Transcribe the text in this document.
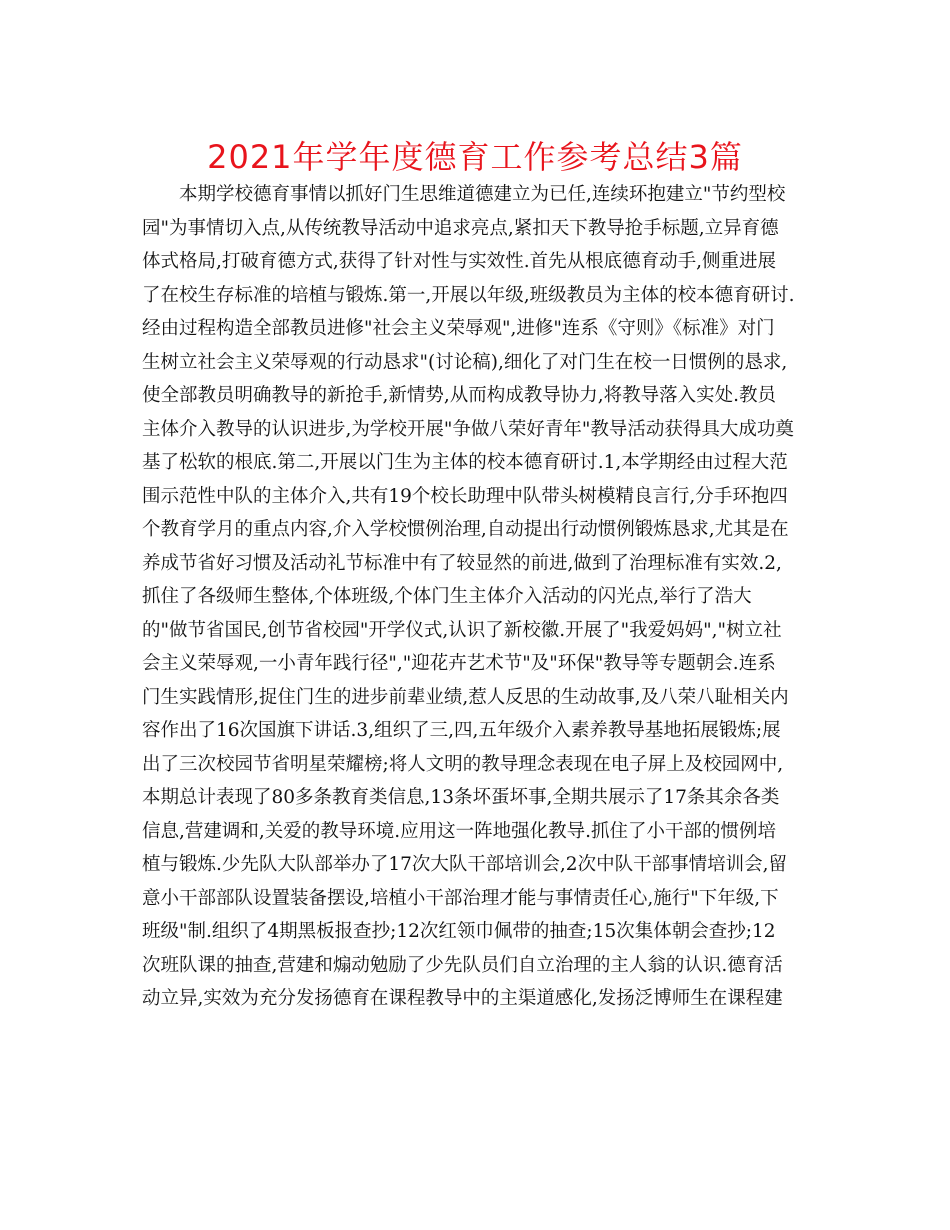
2021年学年度德育工作参考总结3篇
本期学校德育事情以抓好门生思维道德建立为已任,连续环抱建立"节约型校
园"为事情切入点,从传统教导活动中追求亮点,紧扣天下教导抢手标题,立异育德
体式格局,打破育德方式,获得了针对性与实效性.首先从根底德育动手,侧重进展
了在校生存标准的培植与锻炼.第一,开展以年级,班级教员为主体的校本德育研讨.
经由过程构造全部教员进修"社会主义荣辱观",进修"连系《守则》《标准》对门
生树立社会主义荣辱观的行动恳求"(讨论稿),细化了对门生在校一日惯例的恳求,
使全部教员明确教导的新抢手,新情势,从而构成教导协力,将教导落入实处.教员
主体介入教导的认识进步,为学校开展"争做八荣好青年"教导活动获得具大成功奠
基了松软的根底.第二,开展以门生为主体的校本德育研讨.1,本学期经由过程大范
围示范性中队的主体介入,共有19个校长助理中队带头树模精良言行,分手环抱四
个教育学月的重点内容,介入学校惯例治理,自动提出行动惯例锻炼恳求,尤其是在
养成节省好习惯及活动礼节标准中有了较显然的前进,做到了治理标准有实效.2,
抓住了各级师生整体,个体班级,个体门生主体介入活动的闪光点,举行了浩大
的"做节省国民,创节省校园"开学仪式,认识了新校徽.开展了"我爱妈妈","树立社
会主义荣辱观,一小青年践行径","迎花卉艺术节"及"环保"教导等专题朝会.连系
门生实践情形,捉住门生的进步前辈业绩,惹人反思的生动故事,及八荣八耻相关内
容作出了16次国旗下讲话.3,组织了三,四,五年级介入素养教导基地拓展锻炼;展
出了三次校园节省明星荣耀榜;将人文明的教导理念表现在电子屏上及校园网中,
本期总计表现了80多条教育类信息,13条坏蛋坏事,全期共展示了17条其余各类
信息,营建调和,关爱的教导环境.应用这一阵地强化教导.抓住了小干部的惯例培
植与锻炼.少先队大队部举办了17次大队干部培训会,2次中队干部事情培训会,留
意小干部部队设置装备摆设,培植小干部治理才能与事情责任心,施行"下年级,下
班级"制.组织了4期黑板报查抄;12次红领巾佩带的抽查;15次集体朝会查抄;12
次班队课的抽查,营建和煽动勉励了少先队员们自立治理的主人翁的认识.德育活
动立异,实效为充分发扬德育在课程教导中的主渠道感化,发扬泛博师生在课程建
